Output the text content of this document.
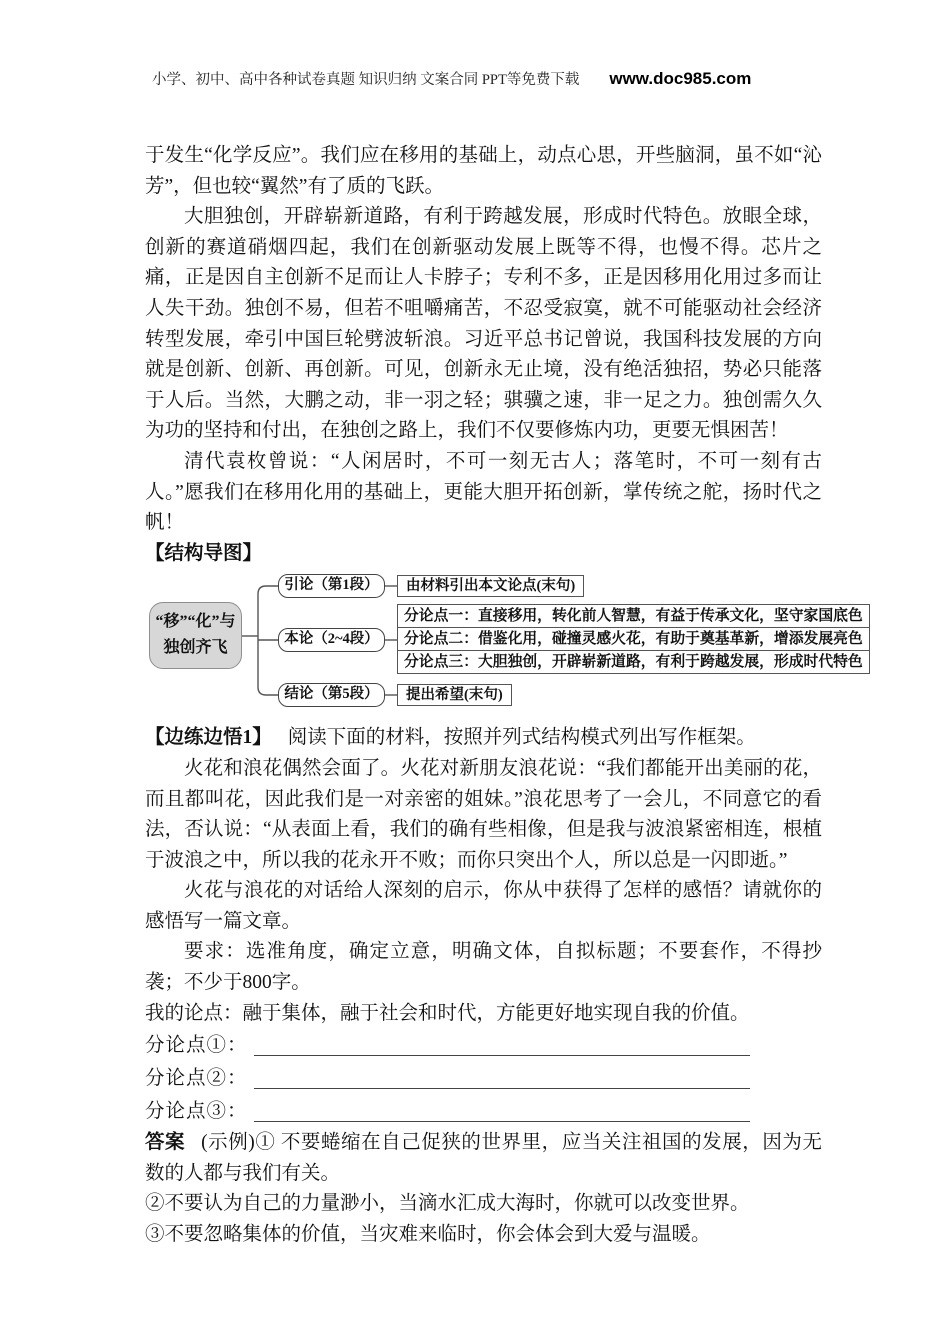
小学、初中、高中各种试卷真题 知识归纳 文案合同 PPT等免费下载 www.doc985.com

于发生“化学反应”。我们应在移用的基础上，动点心思，开些脑洞，虽不如“沁芳”，但也较“翼然”有了质的飞跃。

大胆独创，开辟崭新道路，有利于跨越发展，形成时代特色。放眼全球，创新的赛道硝烟四起，我们在创新驱动发展上既等不得，也慢不得。芯片之痛，正是因自主创新不足而让人卡脖子；专利不多，正是因移用化用过多而让人失干劲。独创不易，但若不咀嚼痛苦，不忍受寂寞，就不可能驱动社会经济转型发展，牵引中国巨轮劈波斩浪。习近平总书记曾说，我国科技发展的方向就是创新、创新、再创新。可见，创新永无止境，没有绝活独招，势必只能落于人后。当然，大鹏之动，非一羽之轻；骐骥之速，非一足之力。独创需久久为功的坚持和付出，在独创之路上，我们不仅要修炼内功，更要无惧困苦！

清代袁枚曾说：“人闲居时，不可一刻无古人；落笔时，不可一刻有古人。”愿我们在移用化用的基础上，更能大胆开拓创新，掌传统之舵，扬时代之帆！

【结构导图】

“移”“化”与
独创齐飞
引论（第1段）
本论（2~4段）
结论（第5段）
由材料引出本文论点(末句)
分论点一：直接移用，转化前人智慧，有益于传承文化，坚守家国底色
分论点二：借鉴化用，碰撞灵感火花，有助于奠基革新，增添发展亮色
分论点三：大胆独创，开辟崭新道路，有利于跨越发展，形成时代特色
提出希望(末句)

【边练边悟1】 阅读下面的材料，按照并列式结构模式列出写作框架。

火花和浪花偶然会面了。火花对新朋友浪花说：“我们都能开出美丽的花，而且都叫花，因此我们是一对亲密的姐妹。”浪花思考了一会儿，不同意它的看法，否认说：“从表面上看，我们的确有些相像，但是我与波浪紧密相连，根植于波浪之中，所以我的花永开不败；而你只突出个人，所以总是一闪即逝。”

火花与浪花的对话给人深刻的启示，你从中获得了怎样的感悟？请就你的感悟写一篇文章。

要求：选准角度，确定立意，明确文体，自拟标题；不要套作，不得抄袭；不少于800字。

我的论点：融于集体，融于社会和时代，方能更好地实现自我的价值。

分论点①：
分论点②：
分论点③：

答案 (示例)① 不要蜷缩在自己促狭的世界里，应当关注祖国的发展，因为无数的人都与我们有关。

②不要认为自己的力量渺小，当滴水汇成大海时，你就可以改变世界。

③不要忽略集体的价值，当灾难来临时，你会体会到大爱与温暖。
